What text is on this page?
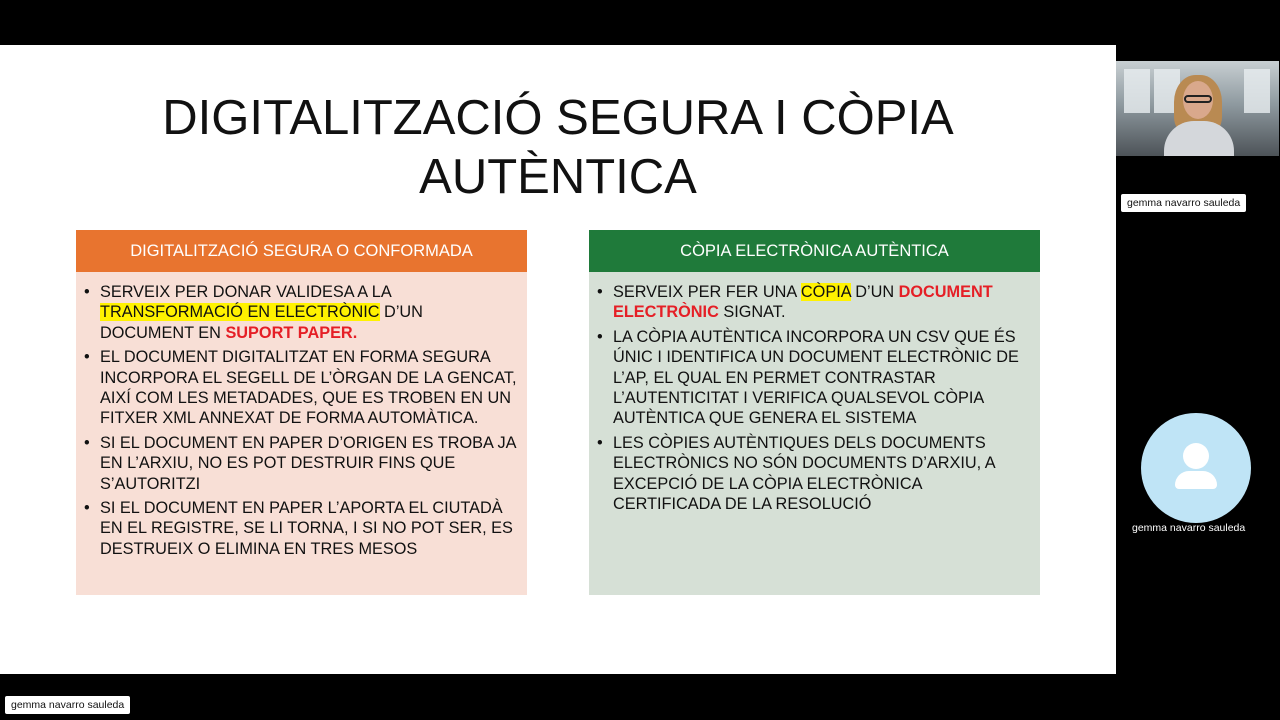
DIGITALITZACIÓ SEGURA I CÒPIA
AUTÈNTICA
DIGITALITZACIÓ SEGURA O CONFORMADA
• SERVEIX PER DONAR VALIDESA A LA TRANSFORMACIÓ EN ELECTRÒNIC D’UN DOCUMENT EN SUPORT PAPER.
• EL DOCUMENT DIGITALITZAT EN FORMA SEGURA INCORPORA EL SEGELL DE L’ÒRGAN DE LA GENCAT, AIXÍ COM LES METADADES, QUE ES TROBEN EN UN FITXER XML ANNEXAT DE FORMA AUTOMÀTICA.
• SI EL DOCUMENT EN PAPER D’ORIGEN ES TROBA JA EN L’ARXIU, NO ES POT DESTRUIR FINS QUE S’AUTORITZI
• SI EL DOCUMENT EN PAPER L’APORTA EL CIUTADÀ EN EL REGISTRE, SE LI TORNA, I SI NO POT SER, ES DESTRUEIX O ELIMINA EN TRES MESOS
CÒPIA ELECTRÒNICA AUTÈNTICA
• SERVEIX PER FER UNA CÒPIA D’UN DOCUMENT ELECTRÒNIC SIGNAT.
• LA CÒPIA AUTÈNTICA INCORPORA UN CSV QUE ÉS ÚNIC I IDENTIFICA UN DOCUMENT ELECTRÒNIC DE L’AP, EL QUAL EN PERMET CONTRASTAR L’AUTENTICITAT I VERIFICA QUALSEVOL CÒPIA AUTÈNTICA QUE GENERA EL SISTEMA
• LES CÒPIES AUTÈNTIQUES DELS DOCUMENTS ELECTRÒNICS NO SÓN DOCUMENTS D’ARXIU, A EXCEPCIÓ DE LA CÒPIA ELECTRÒNICA CERTIFICADA DE LA RESOLUCIÓ
gemma navarro sauleda
gemma navarro sauleda
gemma navarro sauleda
